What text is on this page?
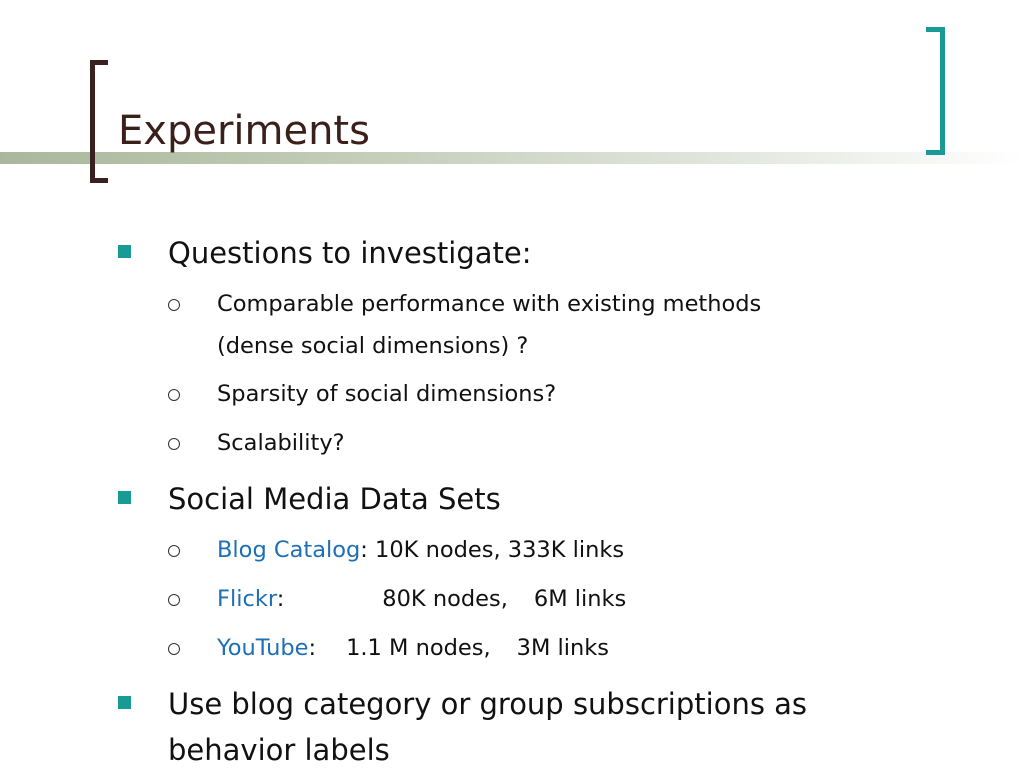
Experiments
Questions to investigate:
Comparable performance with existing methods
(dense social dimensions) ?
Sparsity of social dimensions?
Scalability?
Social Media Data Sets
Blog Catalog: 10K nodes, 333K links
Flickr:	80K nodes, 6M links
YouTube: 1.1 M nodes, 3M links
Use blog category or group subscriptions as
behavior labels
